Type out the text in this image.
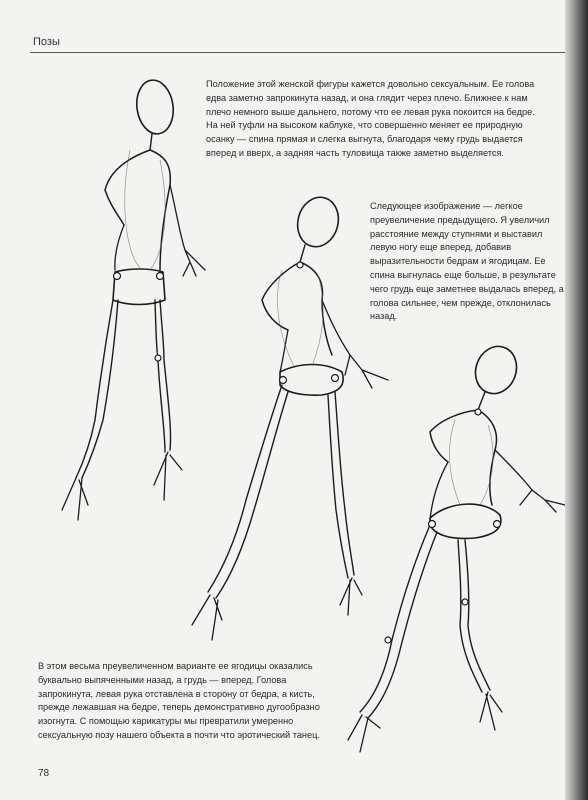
Позы

Положение этой женской фигуры кажется довольно сексуальным. Ее голова едва заметно запрокинута назад, и она глядит через плечо. Ближнее к нам плечо немного выше дальнего, потому что ее левая рука покоится на бедре. На ней туфли на высоком каблуке, что совершенно меняет ее природную осанку — спина прямая и слегка выгнута, благодаря чему грудь выдается вперед и вверх, а задняя часть туловища также заметно выделяется.

Следующее изображение — легкое преувеличение предыдущего. Я увеличил расстояние между ступнями и выставил левую ногу еще вперед, добавив выразительности бедрам и ягодицам. Ее спина выгнулась еще больше, в результате чего грудь еще заметнее выдалась вперед, а голова сильнее, чем прежде, отклонилась назад.

В этом весьма преувеличенном варианте ее ягодицы оказались буквально выпяченными назад, а грудь — вперед. Голова запрокинута, левая рука отставлена в сторону от бедра, а кисть, прежде лежавшая на бедре, теперь демонстративно дугообразно изогнута. С помощью карикатуры мы превратили умеренно сексуальную позу нашего объекта в почти что эротический танец.

78
